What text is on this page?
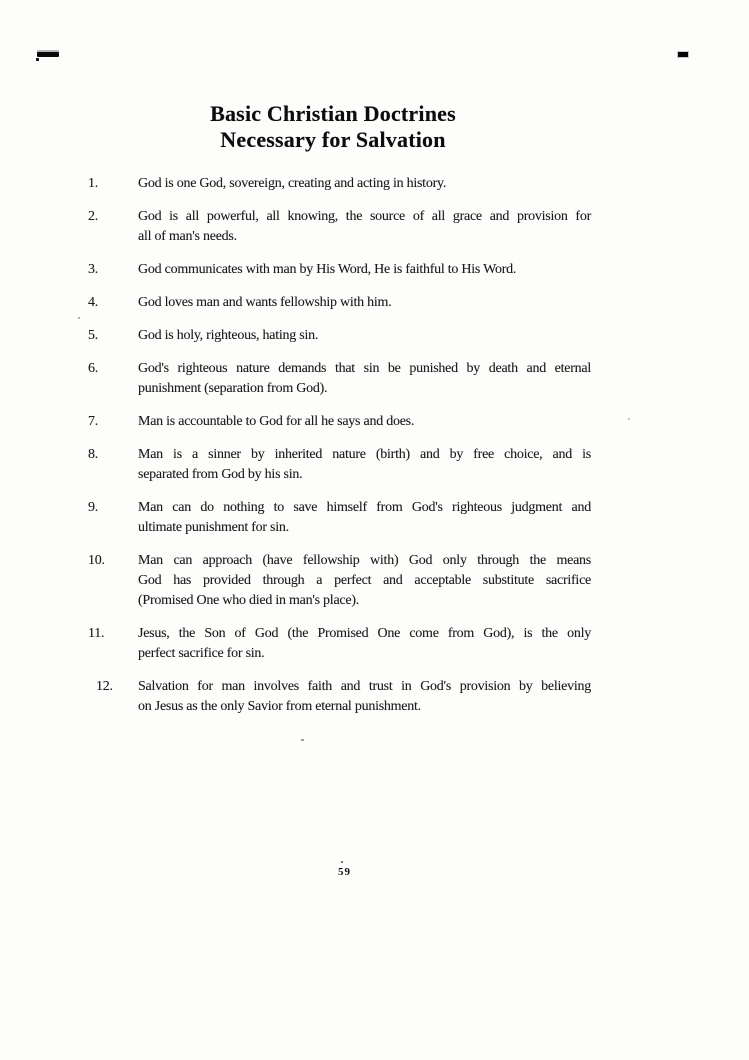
Basic Christian Doctrines
Necessary for Salvation
1.	God is one God, sovereign, creating and acting in history.
2.	God is all powerful, all knowing, the source of all grace and provision for
all of man's needs.
3.	God communicates with man by His Word, He is faithful to His Word.
4.	God loves man and wants fellowship with him.
5.	God is holy, righteous, hating sin.
6.	God's righteous nature demands that sin be punished by death and eternal
punishment (separation from God).
7.	Man is accountable to God for all he says and does.
8.	Man is a sinner by inherited nature (birth) and by free choice, and is
separated from God by his sin.
9.	Man can do nothing to save himself from God's righteous judgment and
ultimate punishment for sin.
10.	Man can approach (have fellowship with) God only through the means
God has provided through a perfect and acceptable substitute sacrifice
(Promised One who died in man's place).
11.	Jesus, the Son of God (the Promised One come from God), is the only
perfect sacrifice for sin.
12.	Salvation for man involves faith and trust in God's provision by believing
on Jesus as the only Savior from eternal punishment.
59
